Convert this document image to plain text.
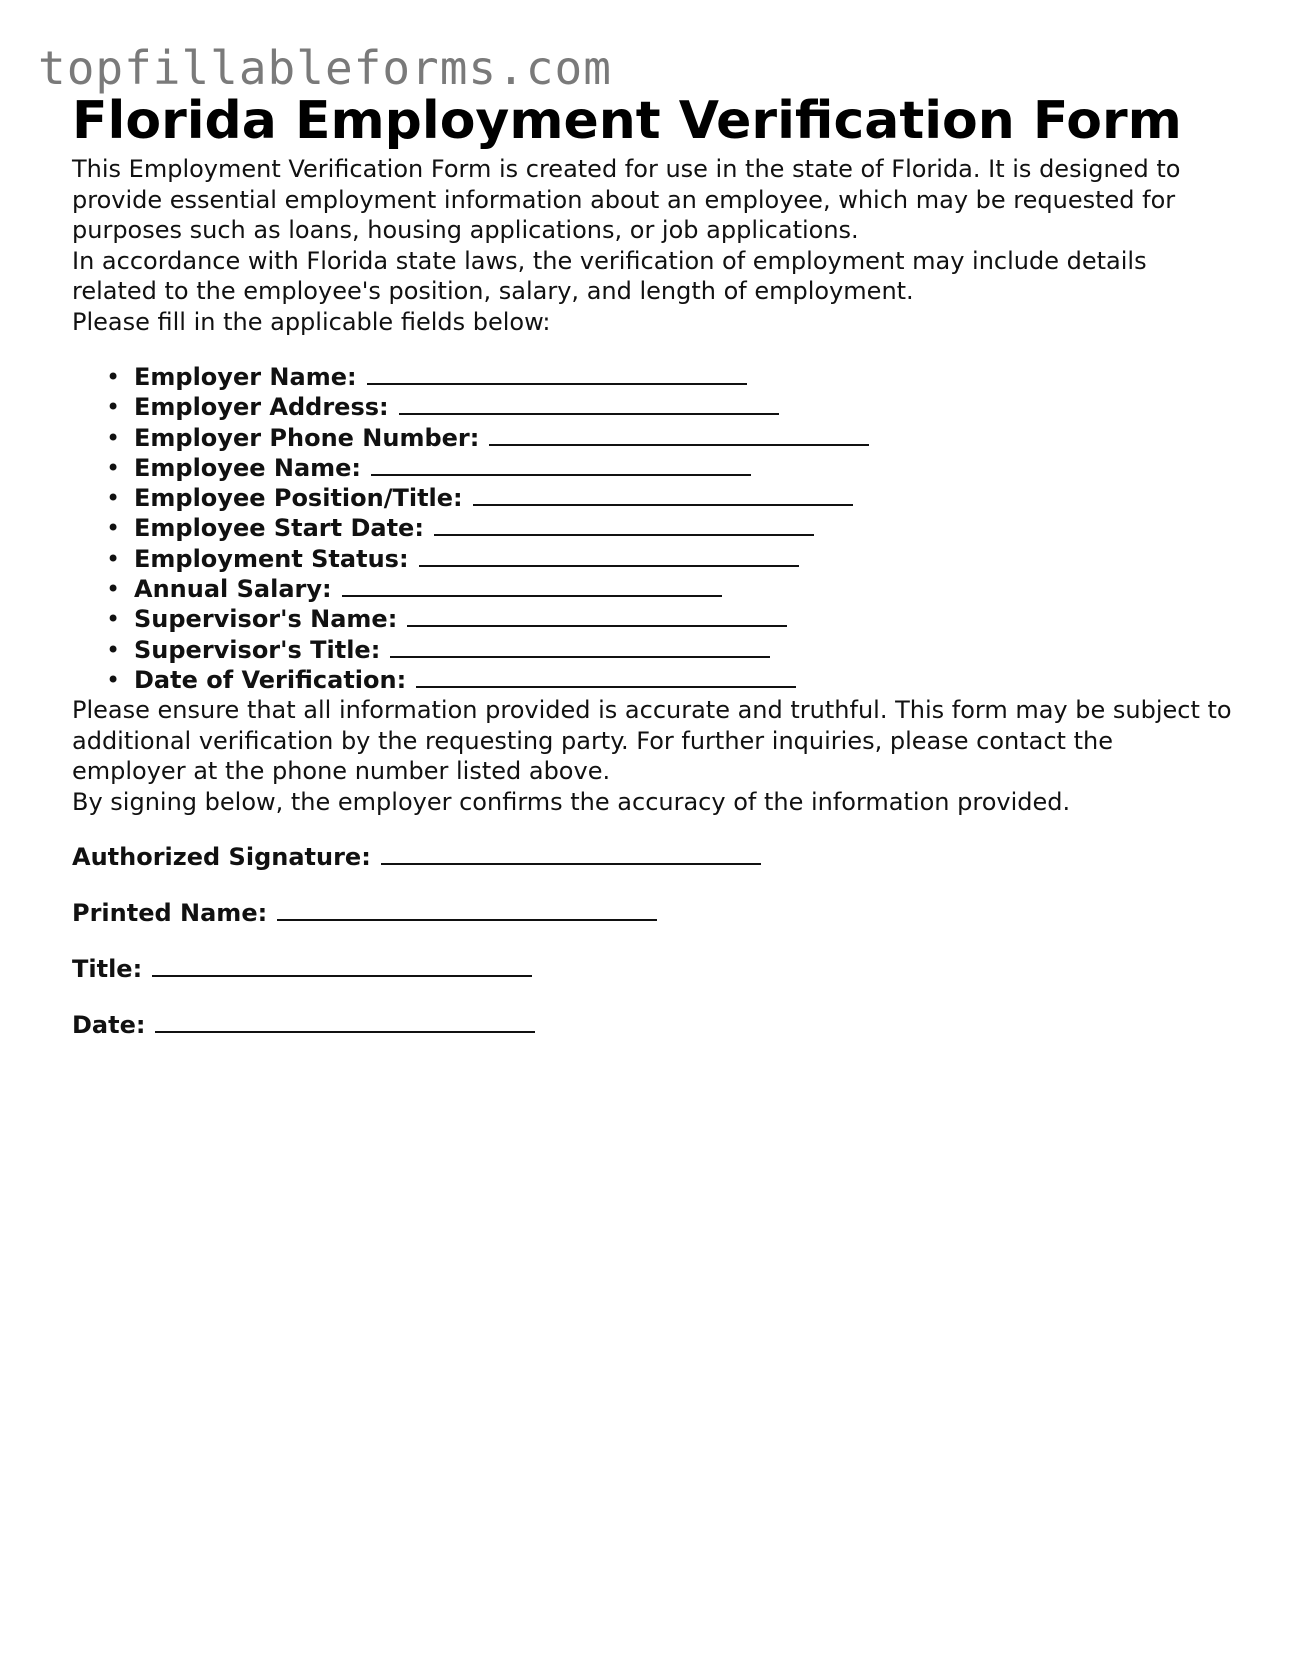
topfillableforms.com
Florida Employment Verification Form

This Employment Verification Form is created for use in the state of Florida. It is designed to provide essential employment information about an employee, which may be requested for purposes such as loans, housing applications, or job applications.

In accordance with Florida state laws, the verification of employment may include details related to the employee's position, salary, and length of employment.

Please fill in the applicable fields below:

• Employer Name:
• Employer Address:
• Employer Phone Number:
• Employee Name:
• Employee Position/Title:
• Employee Start Date:
• Employment Status:
• Annual Salary:
• Supervisor's Name:
• Supervisor's Title:
• Date of Verification:

Please ensure that all information provided is accurate and truthful. This form may be subject to additional verification by the requesting party. For further inquiries, please contact the employer at the phone number listed above.

By signing below, the employer confirms the accuracy of the information provided.

Authorized Signature:

Printed Name:

Title:

Date:
